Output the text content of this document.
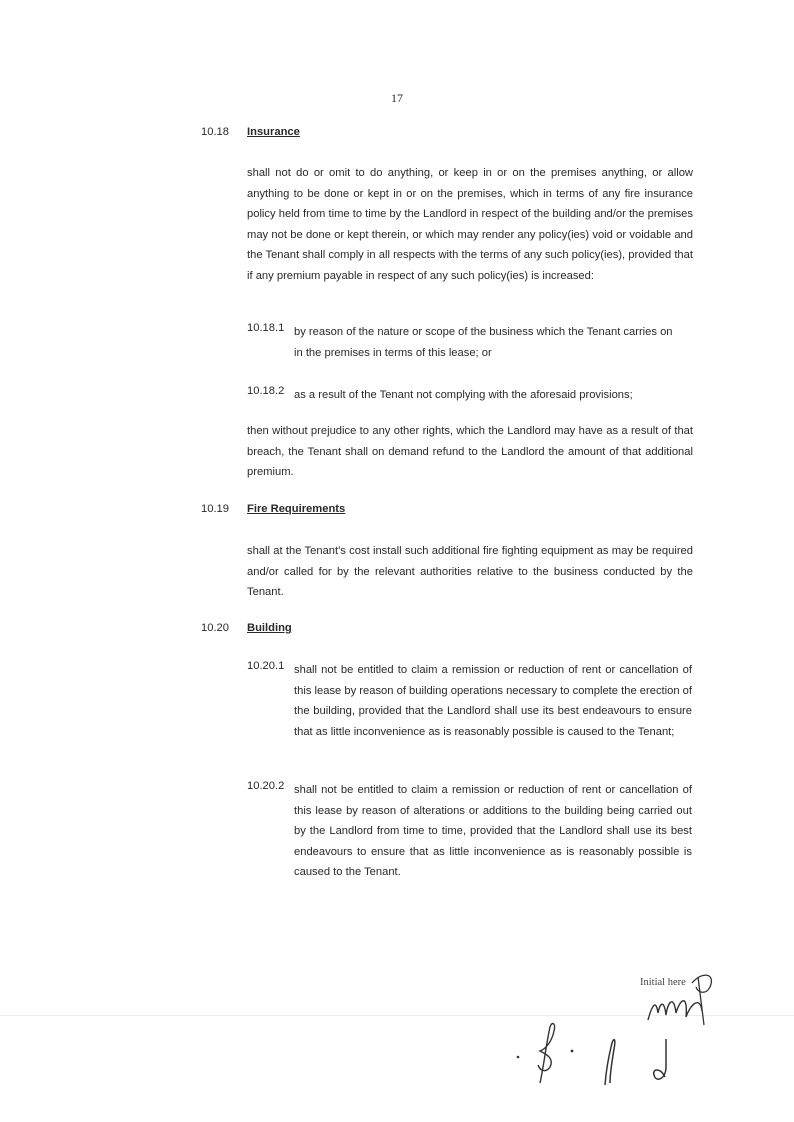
17
10.18 Insurance
shall not do or omit to do anything, or keep in or on the premises anything, or allow anything to be done or kept in or on the premises, which in terms of any fire insurance policy held from time to time by the Landlord in respect of the building and/or the premises may not be done or kept therein, or which may render any policy(ies) void or voidable and the Tenant shall comply in all respects with the terms of any such policy(ies), provided that if any premium payable in respect of any such policy(ies) is increased:
10.18.1 by reason of the nature or scope of the business which the Tenant carries on
in the premises in terms of this lease; or
10.18.2 as a result of the Tenant not complying with the aforesaid provisions;
then without prejudice to any other rights, which the Landlord may have as a result of that breach, the Tenant shall on demand refund to the Landlord the amount of that additional premium.
10.19 Fire Requirements
shall at the Tenant's cost install such additional fire fighting equipment as may be required and/or called for by the relevant authorities relative to the business conducted by the Tenant.
10.20 Building
10.20.1 shall not be entitled to claim a remission or reduction of rent or cancellation of this lease by reason of building operations necessary to complete the erection of the building, provided that the Landlord shall use its best endeavours to ensure that as little inconvenience as is reasonably possible is caused to the Tenant;
10.20.2 shall not be entitled to claim a remission or reduction of rent or cancellation of this lease by reason of alterations or additions to the building being carried out by the Landlord from time to time, provided that the Landlord shall use its best endeavours to ensure that as little inconvenience as is reasonably possible is caused to the Tenant.
Initial here
